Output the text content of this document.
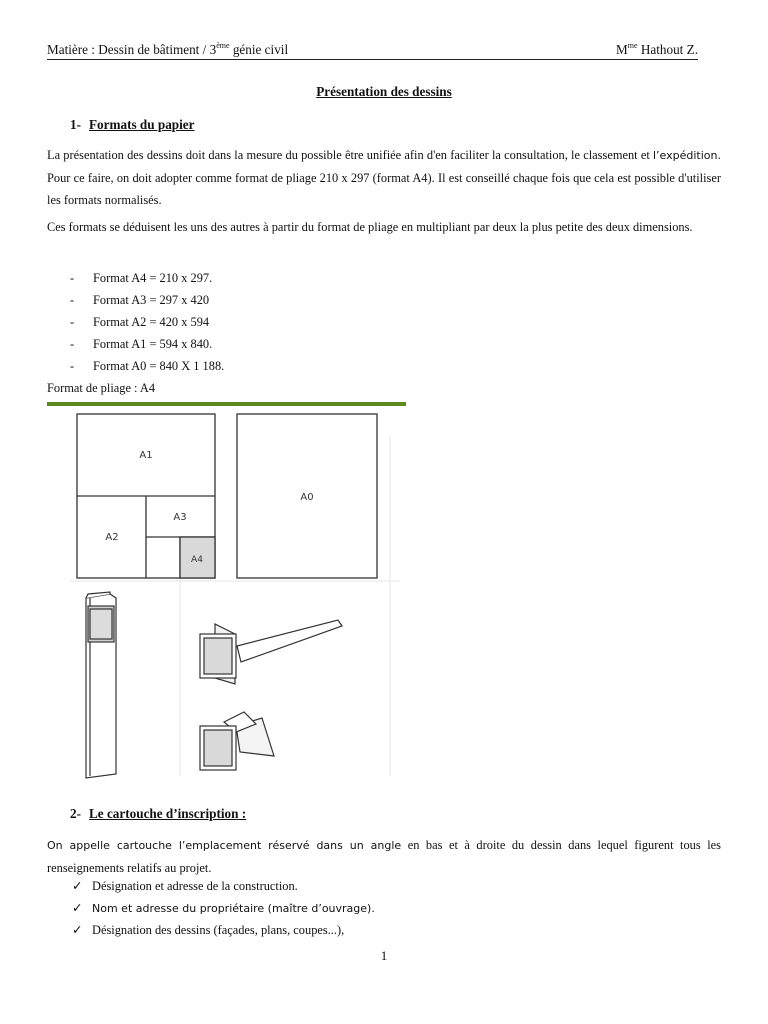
Matière : Dessin de bâtiment / 3ème génie civil	$M^{me}$ Hathout Z.
Présentation des dessins
1- Formats du papier
La présentation des dessins doit dans la mesure du possible être unifiée afin d'en faciliter la consultation, le classement et l’expédition. Pour ce faire, on doit adopter comme format de pliage 210 x 297 (format A4). Il est conseillé chaque fois que cela est possible d'utiliser les formats normalisés.
Ces formats se déduisent les uns des autres à partir du format de pliage en multipliant par deux la plus petite des deux dimensions.
- Format A4 = 210 x 297.
- Format A3 = 297 x 420
- Format A2 = 420 x 594
- Format A1 = 594 x 840.
- Format A0 = 840 X 1 188.
Format de pliage : A4
A1
A3
A2
A4
A0
2- Le cartouche d’inscription :
On appelle cartouche l’emplacement réservé dans un angle en bas et à droite du dessin dans lequel figurent tous les renseignements relatifs au projet.
✓ Désignation et adresse de la construction.
✓ Nom et adresse du propriétaire (maître d’ouvrage).
✓ Désignation des dessins (façades, plans, coupes...),
1
